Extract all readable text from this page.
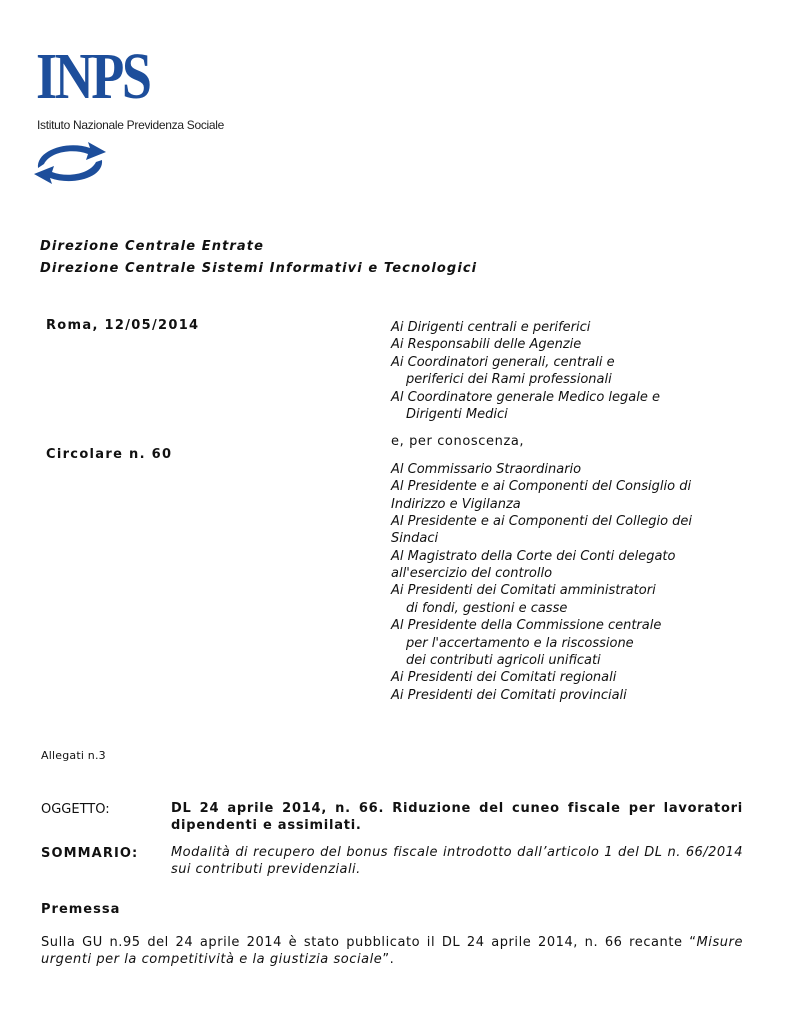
INPS
Istituto Nazionale Previdenza Sociale
Direzione Centrale Entrate
Direzione Centrale Sistemi Informativi e Tecnologici
Roma, 12/05/2014
Circolare n. 60
Ai Dirigenti centrali e periferici
Ai Responsabili delle Agenzie
Ai Coordinatori generali, centrali e
periferici dei Rami professionali
Al Coordinatore generale Medico legale e
Dirigenti Medici
e, per conoscenza,
Al Commissario Straordinario
Al Presidente e ai Componenti del Consiglio di
Indirizzo e Vigilanza
Al Presidente e ai Componenti del Collegio dei
Sindaci
Al Magistrato della Corte dei Conti delegato
all'esercizio del controllo
Ai Presidenti dei Comitati amministratori
di fondi, gestioni e casse
Al Presidente della Commissione centrale
per l'accertamento e la riscossione
dei contributi agricoli unificati
Ai Presidenti dei Comitati regionali
Ai Presidenti dei Comitati provinciali
Allegati n.3
OGGETTO:	DL 24 aprile 2014, n. 66. Riduzione del cuneo fiscale per lavoratori dipendenti e assimilati.
SOMMARIO:	Modalità di recupero del bonus fiscale introdotto dall’articolo 1 del DL n. 66/2014 sui contributi previdenziali.
Premessa
Sulla GU n.95 del 24 aprile 2014 è stato pubblicato il DL 24 aprile 2014, n. 66 recante “Misure urgenti per la competitività e la giustizia sociale”.
